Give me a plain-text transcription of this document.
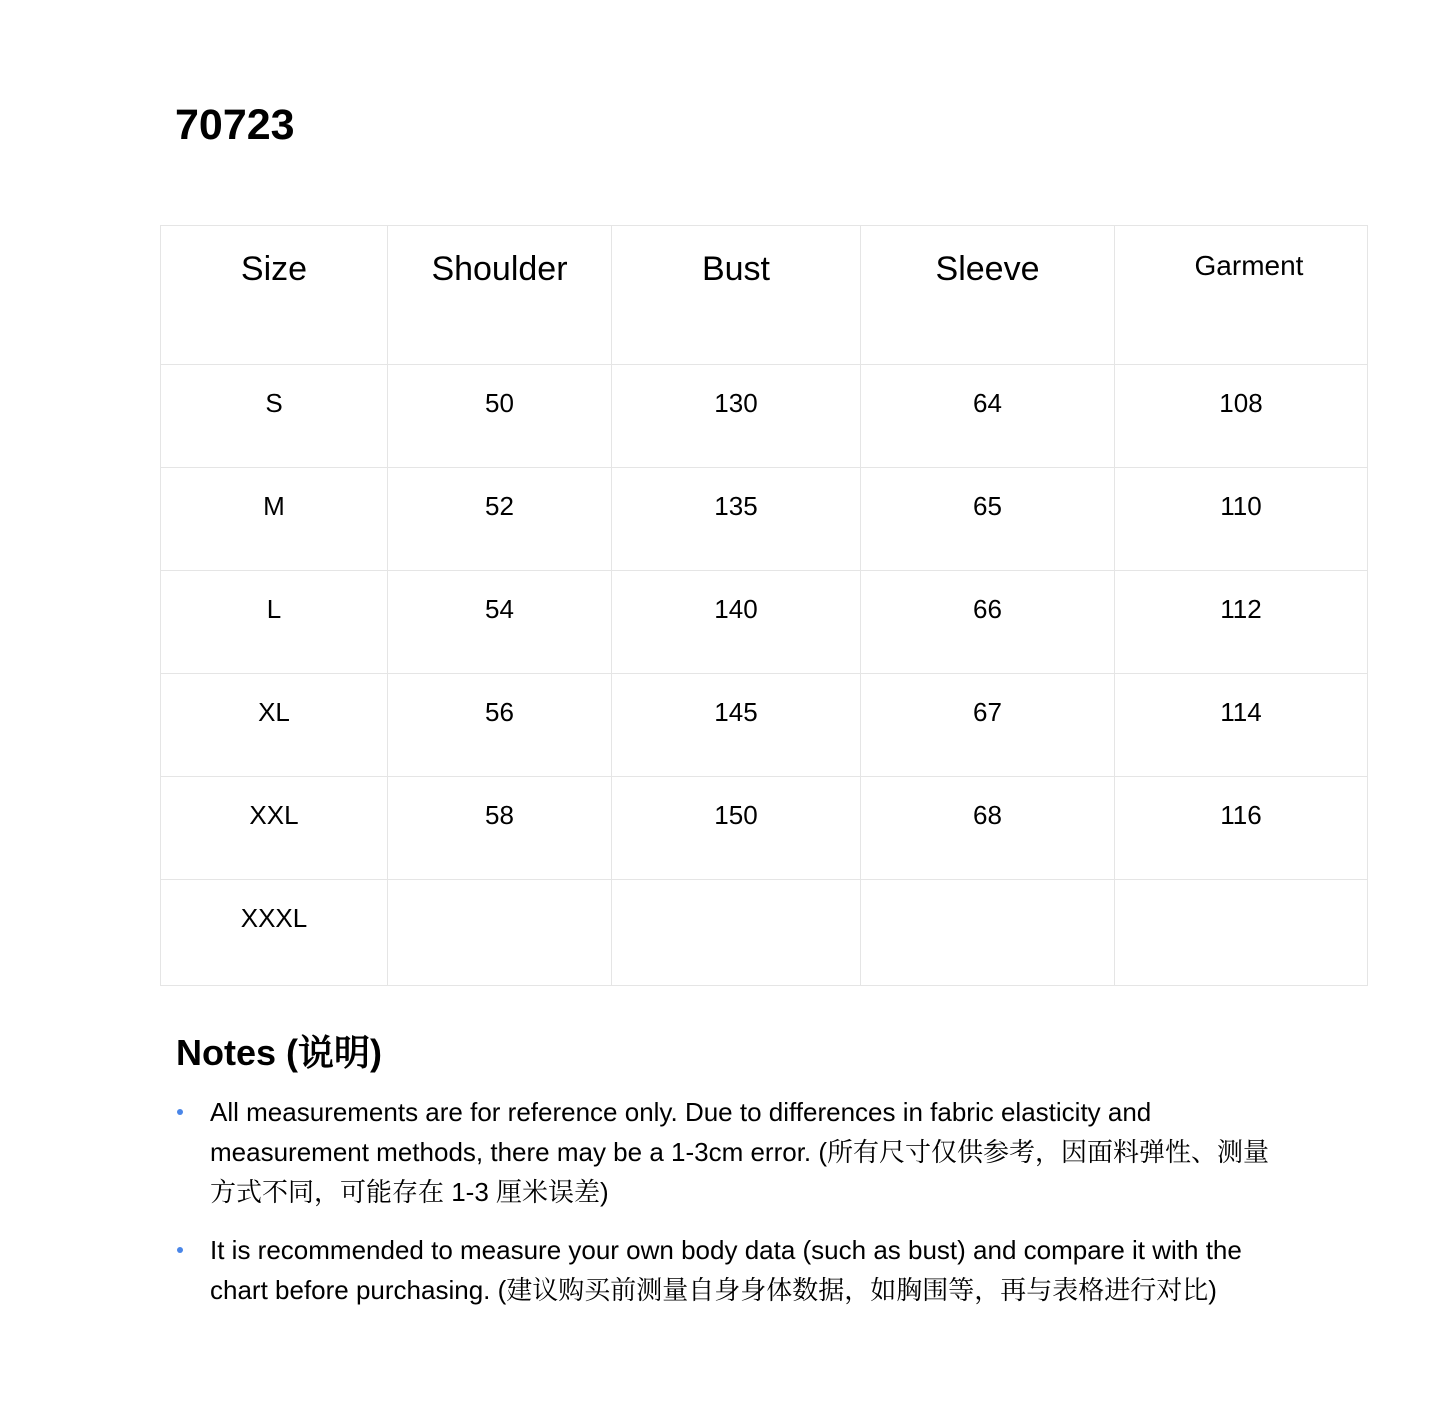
70723
Size	Shoulder	Bust	Sleeve	Garment
S	50	130	64	108
M	52	135	65	110
L	54	140	66	112
XL	56	145	67	114
XXL	58	150	68	116
XXXL				
Notes (说明)
All measurements are for reference only. Due to differences in fabric elasticity and measurement methods, there may be a 1-3cm error. (所有尺寸仅供参考，因面料弹性、测量方式不同，可能存在 1-3 厘米误差)
It is recommended to measure your own body data (such as bust) and compare it with the chart before purchasing. (建议购买前测量自身身体数据，如胸围等，再与表格进行对比)
